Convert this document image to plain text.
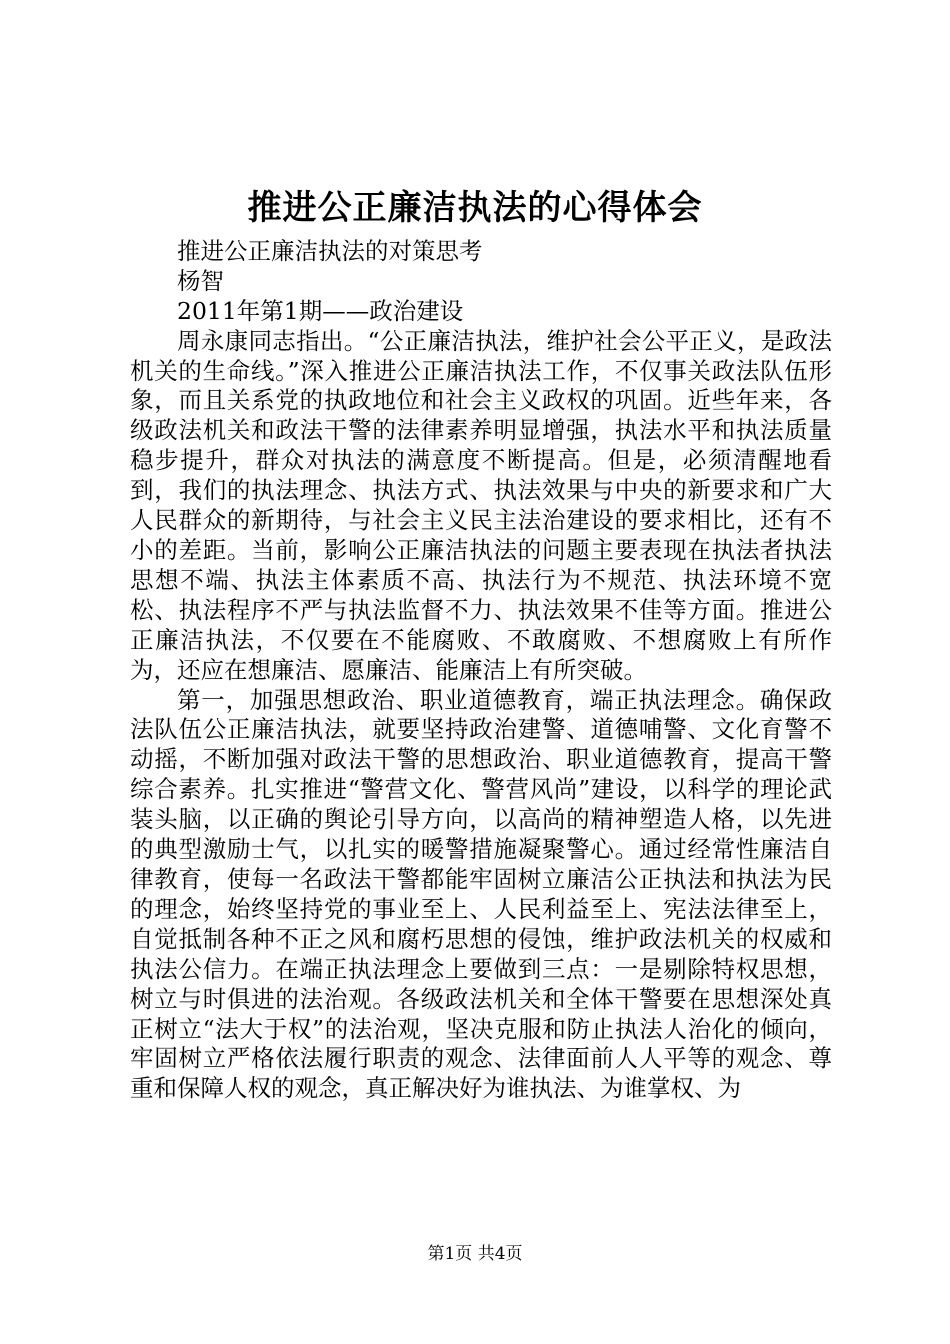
推进公正廉洁执法的心得体会
推进公正廉洁执法的对策思考
杨智
2011年第1期——政治建设

周永康同志指出。“公正廉洁执法，维护社会公平正义，是政法机关的生命线。”深入推进公正廉洁执法工作，不仅事关政法队伍形象，而且关系党的执政地位和社会主义政权的巩固。近些年来，各级政法机关和政法干警的法律素养明显增强，执法水平和执法质量稳步提升，群众对执法的满意度不断提高。但是，必须清醒地看到，我们的执法理念、执法方式、执法效果与中央的新要求和广大人民群众的新期待，与社会主义民主法治建设的要求相比，还有不小的差距。当前，影响公正廉洁执法的问题主要表现在执法者执法思想不端、执法主体素质不高、执法行为不规范、执法环境不宽松、执法程序不严与执法监督不力、执法效果不佳等方面。推进公正廉洁执法，不仅要在不能腐败、不敢腐败、不想腐败上有所作为，还应在想廉洁、愿廉洁、能廉洁上有所突破。

第一，加强思想政治、职业道德教育，端正执法理念。确保政法队伍公正廉洁执法，就要坚持政治建警、道德哺警、文化育警不动摇，不断加强对政法干警的思想政治、职业道德教育，提高干警综合素养。扎实推进“警营文化、警营风尚”建设，以科学的理论武装头脑，以正确的舆论引导方向，以高尚的精神塑造人格，以先进的典型激励士气，以扎实的暖警措施凝聚警心。通过经常性廉洁自律教育，使每一名政法干警都能牢固树立廉洁公正执法和执法为民的理念，始终坚持党的事业至上、人民利益至上、宪法法律至上，自觉抵制各种不正之风和腐朽思想的侵蚀，维护政法机关的权威和执法公信力。在端正执法理念上要做到三点：一是剔除特权思想，树立与时俱进的法治观。各级政法机关和全体干警要在思想深处真正树立“法大于权”的法治观，坚决克服和防止执法人治化的倾向，牢固树立严格依法履行职责的观念、法律面前人人平等的观念、尊重和保障人权的观念，真正解决好为谁执法、为谁掌权、为

第1页 共4页
